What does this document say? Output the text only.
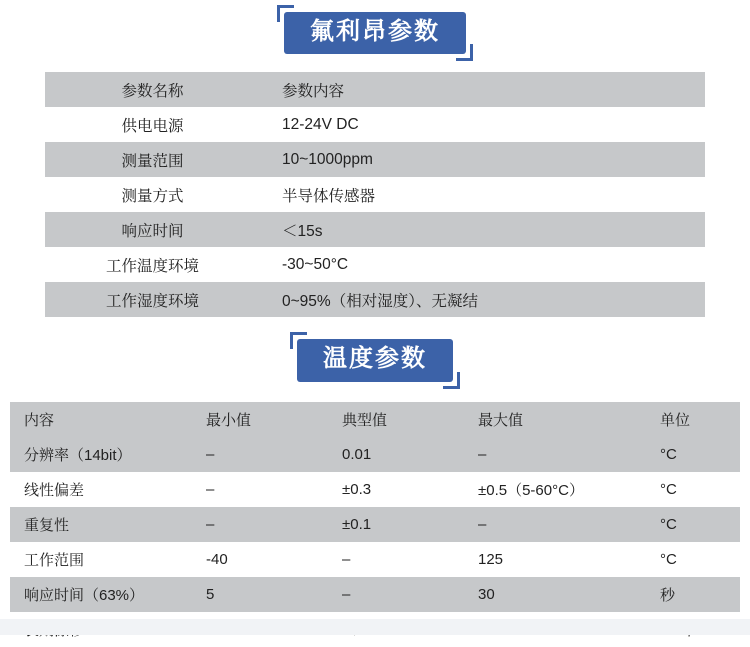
氟利昂参数
参数名称	参数内容
供电电源	12-24V DC
测量范围	10~1000ppm
测量方式	半导体传感器
响应时间	＜15s
工作温度环境	-30~50°C
工作湿度环境	0~95%（相对湿度）、无凝结
温度参数
内容	最小值	典型值	最大值	单位
分辨率（14bit）	–	0.01	–	°C
线性偏差	–	±0.3	±0.5（5-60°C）	°C
重复性	–	±0.1	–	°C
工作范围	-40	–	125	°C
响应时间（63%）	5	–	30	秒
